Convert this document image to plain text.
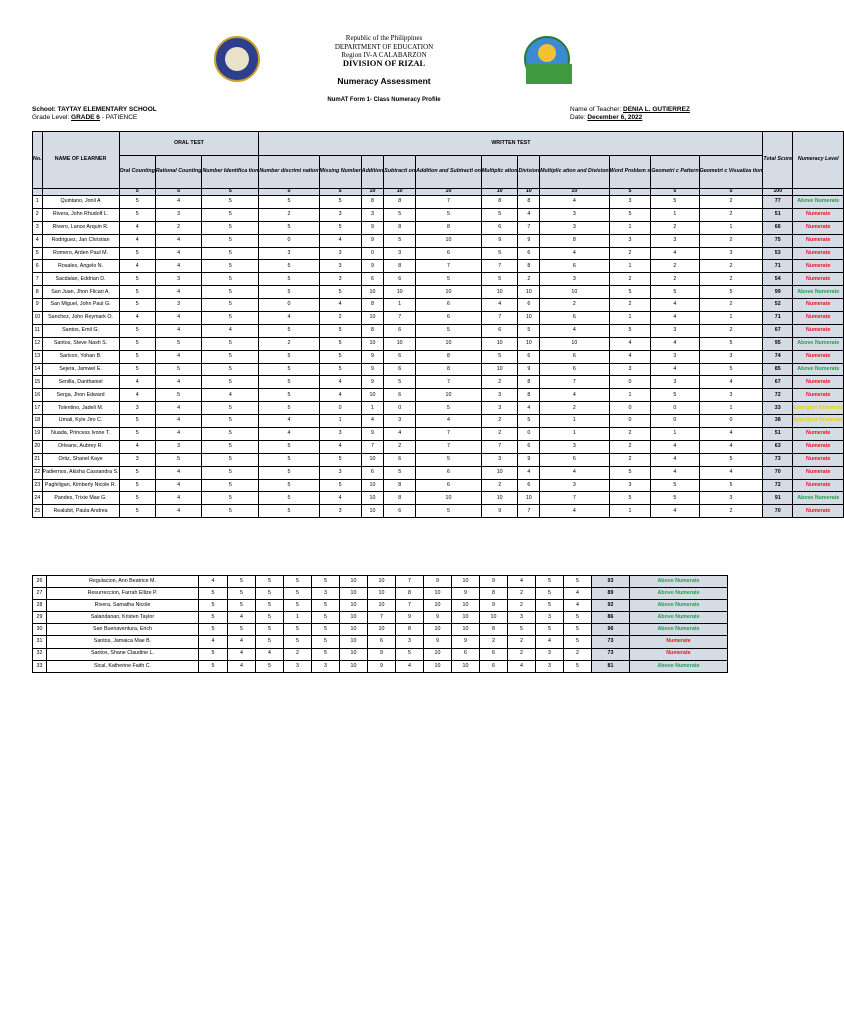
Republic of the Philippines
DEPARTMENT OF EDUCATION
Region IV-A CALABARZON
DIVISION OF RIZAL
Numeracy Assessment
NumAT Form 1- Class Numeracy Profile
School: TAYTAY ELEMENTARY SCHOOL
Grade Level: GRADE 6 - PATIENCE
Name of Teacher: DENIA L. GUTIERREZ
Date: December 6, 2022
No.	NAME OF LEARNER	ORAL TEST			WRITTEN TEST											Total Score	Numeracy Level
		Oral Counting	Rational Counting	Number Identifica tion	Number discrimi nation	Missing Number	Addition	Subtracti on	Addition and Subtracti on	Multiplic ation	Division	Multiplic ation and Division	Word Problem s	Geometri c Pattern	Geometri c Visualiza tion		
		5	5	5	5	5	10	10	10	10	10	10	5	5	5	100	
1	Quintano, Jonil A	5	4	5	5	5	8	8	7	8	8	4	3	5	2	77	Above Numerate
2	Rivera, John Rhudolf L.	5	3	5	2	3	3	5	5	5	4	3	5	1	2	51	Numerate
3	Rivero, Lance Arquin R.	4	2	5	5	5	9	8	8	6	7	3	1	2	1	66	Numerate
4	Rodriguez, Jan Christian	4	4	5	0	4	9	5	10	9	9	8	3	3	2	75	Numerate
5	Romero, Arden Paul M.	5	4	5	3	3	0	3	6	5	6	4	2	4	3	53	Numerate
6	Rosales, Angelo N.	4	4	5	5	3	9	8	7	7	8	6	1	2	2	71	Numerate
7	Sacdalan, Eddrian D.	5	3	5	5	3	6	6	5	5	2	3	2	2	2	54	Numerate
8	San Juan, Jhon Flicari A.	5	4	5	5	5	10	10	10	10	10	10	5	5	5	99	Above Numerate
9	San Miguel, John Paul G.	5	3	5	0	4	8	1	6	4	6	2	2	4	2	52	Numerate
10	Sanchez, John Reymark O.	4	4	5	4	2	10	7	6	7	10	6	1	4	1	71	Numerate
11	Santos, Emil G.	5	4	4	5	5	8	6	5	6	5	4	5	3	2	67	Numerate
12	Santos, Steve Nash S.	5	5	5	2	5	10	10	10	10	10	10	4	4	5	95	Above Numerate
13	Saricon, Yohan B.	5	4	5	5	5	9	6	8	5	6	6	4	3	3	74	Numerate
14	Sejera, Jamwel E.	5	5	5	5	5	9	6	8	10	9	6	3	4	5	85	Above Numerate
15	Senilla, Danthaniel	4	4	5	5	4	9	5	7	2	8	7	0	3	4	67	Numerate
16	Serga, Jhon Edward	4	5	4	5	4	10	6	10	3	8	4	1	5	3	72	Numerate
17	Tolentino, Jadeli M.	3	4	5	5	0	1	0	5	3	4	2	0	0	1	33	Emergent Numerate
18	Umali, Kyle Jiro C.	5	4	5	4	1	4	3	4	2	5	1	0	0	0	38	Emergent Numerate
19	Nuada, Princess Ivone T.	5	4	5	4	3	9	4	7	2	0	1	2	1	4	51	Numerate
20	Orleans, Aubrey R.	4	3	5	5	4	7	2	7	7	6	3	2	4	4	63	Numerate
21	Ortiz, Shanel Kaye	3	5	5	5	5	10	6	5	3	9	6	2	4	5	73	Numerate
22	Padiernos, Akisha Cassandra S.	5	4	5	5	3	6	5	6	10	4	4	5	4	4	70	Numerate
23	Paghiligan, Kimberly Nicole R.	5	4	5	5	5	10	8	6	2	6	3	3	5	5	72	Numerate
24	Pandes, Trixie Mae G.	5	4	5	5	4	10	8	10	10	10	7	5	5	3	91	Above Numerate
25	Realubit, Paula Andrea	5	4	5	5	3	10	6	5	9	7	4	1	4	2	70	Numerate
26	Regulacion, Ann Beatrice M.	4	5	5	5	5	10	10	7	9	10	9	4	5	5	93	Above Numerate
27	Resurreccion, Farrah Ellize P.	5	5	5	5	3	10	10	8	10	9	8	2	5	4	89	Above Numerate
28	Rivera, Samatha Nicole	5	5	5	5	5	10	10	7	10	10	9	2	5	4	92	Above Numerate
29	Salandanan, Kristen Taylor	5	4	5	1	5	10	7	9	9	10	10	3	3	5	86	Above Numerate
30	San Buenaventura, Erich	5	5	5	5	5	10	10	8	10	10	8	5	5	5	96	Above Numerate
31	Santos, Jamaica Mae B.	4	4	5	5	5	10	6	3	9	9	2	2	4	5	73	Numerate
32	Santos, Shane Claudine L.	5	4	4	2	5	10	9	5	10	6	6	2	3	2	73	Numerate
33	Sical, Katherine Faith C.	5	4	5	3	3	10	9	4	10	10	6	4	3	5	81	Above Numerate
